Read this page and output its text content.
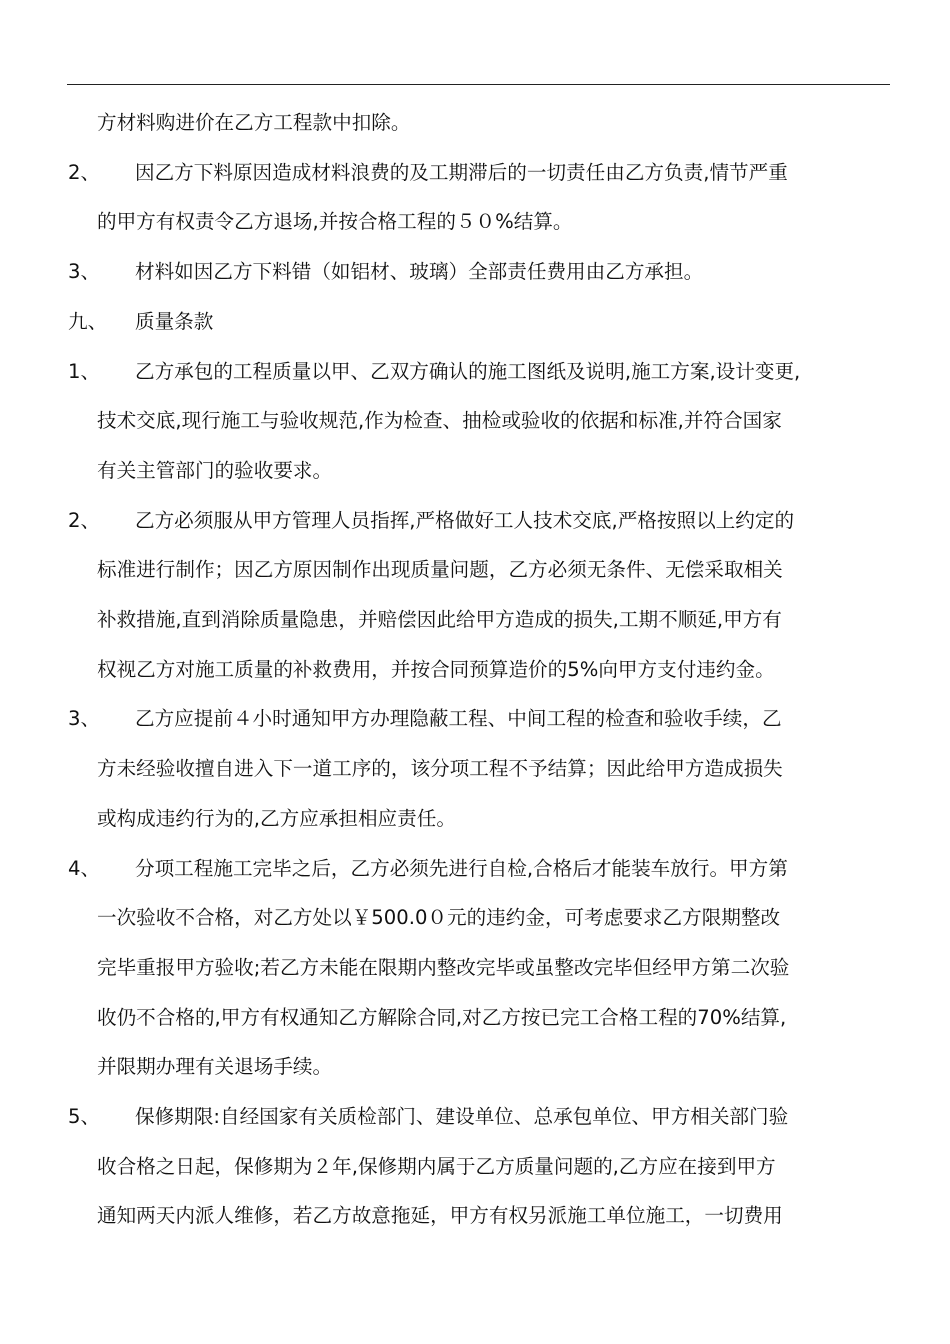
方材料购进价在乙方工程款中扣除。
2、 因乙方下料原因造成材料浪费的及工期滞后的一切责任由乙方负责,情节严重
的甲方有权责令乙方退场,并按合格工程的５０%结算。
3、 材料如因乙方下料错（如铝材、玻璃）全部责任费用由乙方承担。
九、 质量条款
1、 乙方承包的工程质量以甲、乙双方确认的施工图纸及说明,施工方案,设计变更,
技术交底,现行施工与验收规范,作为检查、抽检或验收的依据和标准,并符合国家
有关主管部门的验收要求。
2、 乙方必须服从甲方管理人员指挥,严格做好工人技术交底,严格按照以上约定的
标准进行制作；因乙方原因制作出现质量问题，乙方必须无条件、无偿采取相关
补救措施,直到消除质量隐患，并赔偿因此给甲方造成的损失,工期不顺延,甲方有
权视乙方对施工质量的补救费用，并按合同预算造价的5%向甲方支付违约金。
3、 乙方应提前４小时通知甲方办理隐蔽工程、中间工程的检查和验收手续，乙
方未经验收擅自进入下一道工序的，该分项工程不予结算；因此给甲方造成损失
或构成违约行为的,乙方应承担相应责任。
4、 分项工程施工完毕之后，乙方必须先进行自检,合格后才能装车放行。甲方第
一次验收不合格，对乙方处以￥500.0０元的违约金，可考虑要求乙方限期整改
完毕重报甲方验收;若乙方未能在限期内整改完毕或虽整改完毕但经甲方第二次验
收仍不合格的,甲方有权通知乙方解除合同,对乙方按已完工合格工程的70%结算,
并限期办理有关退场手续。
5、 保修期限:自经国家有关质检部门、建设单位、总承包单位、甲方相关部门验
收合格之日起，保修期为２年,保修期内属于乙方质量问题的,乙方应在接到甲方
通知两天内派人维修，若乙方故意拖延，甲方有权另派施工单位施工，一切费用
